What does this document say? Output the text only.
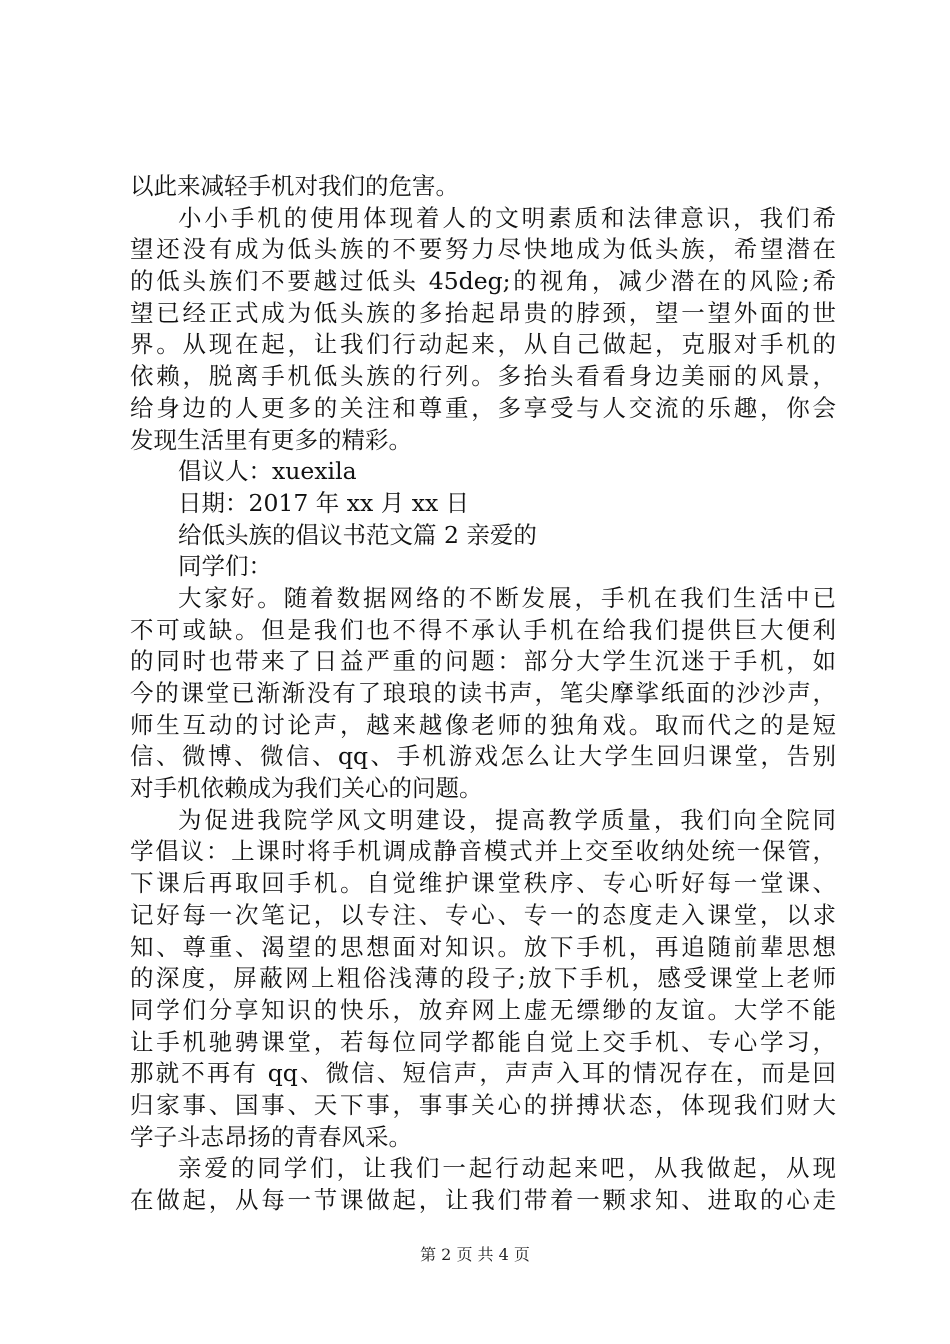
以此来减轻手机对我们的危害。
小小手机的使用体现着人的文明素质和法律意识，我们希
望还没有成为低头族的不要努力尽快地成为低头族，希望潜在
的低头族们不要越过低头 45deg;的视角，减少潜在的风险;希
望已经正式成为低头族的多抬起昂贵的脖颈，望一望外面的世
界。从现在起，让我们行动起来，从自己做起，克服对手机的
依赖，脱离手机低头族的行列。多抬头看看身边美丽的风景，
给身边的人更多的关注和尊重，多享受与人交流的乐趣，你会
发现生活里有更多的精彩。
倡议人：xuexila
日期：2017 年 xx 月 xx 日
给低头族的倡议书范文篇 2 亲爱的
同学们：
大家好。随着数据网络的不断发展，手机在我们生活中已
不可或缺。但是我们也不得不承认手机在给我们提供巨大便利
的同时也带来了日益严重的问题：部分大学生沉迷于手机，如
今的课堂已渐渐没有了琅琅的读书声，笔尖摩挲纸面的沙沙声，
师生互动的讨论声，越来越像老师的独角戏。取而代之的是短
信、微博、微信、qq、手机游戏怎么让大学生回归课堂，告别
对手机依赖成为我们关心的问题。
为促进我院学风文明建设，提高教学质量，我们向全院同
学倡议：上课时将手机调成静音模式并上交至收纳处统一保管，
下课后再取回手机。自觉维护课堂秩序、专心听好每一堂课、
记好每一次笔记，以专注、专心、专一的态度走入课堂，以求
知、尊重、渴望的思想面对知识。放下手机，再追随前辈思想
的深度，屏蔽网上粗俗浅薄的段子;放下手机，感受课堂上老师
同学们分享知识的快乐，放弃网上虚无缥缈的友谊。大学不能
让手机驰骋课堂，若每位同学都能自觉上交手机、专心学习，
那就不再有 qq、微信、短信声，声声入耳的情况存在，而是回
归家事、国事、天下事，事事关心的拼搏状态，体现我们财大
学子斗志昂扬的青春风采。
亲爱的同学们，让我们一起行动起来吧，从我做起，从现
在做起，从每一节课做起，让我们带着一颗求知、进取的心走
第 2 页 共 4 页
